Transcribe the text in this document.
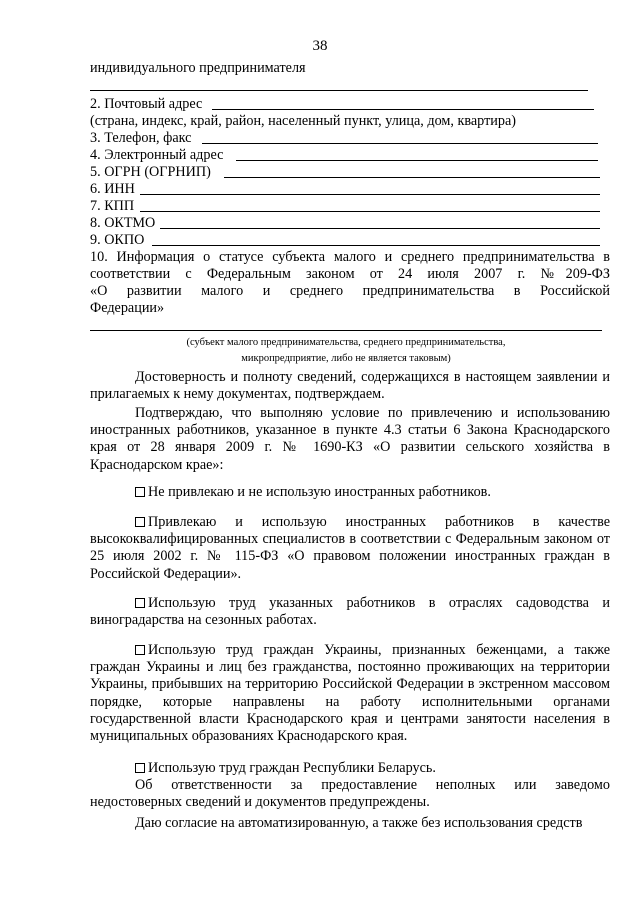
38
индивидуального предпринимателя
2. Почтовый адрес
(страна, индекс, край, район, населенный пункт, улица, дом, квартира)
3. Телефон, факс
4. Электронный адрес
5. ОГРН (ОГРНИП)
6. ИНН
7. КПП
8. ОКТМО
9. ОКПО
10. Информация о статусе субъекта малого и среднего предпринимательства в
соответствии с Федеральным законом от 24 июля 2007 г. №209-ФЗ
«О развитии малого и среднего предпринимательства в Российской
Федерации»
(субъект малого предпринимательства, среднего предпринимательства,
микропредприятие, либо не является таковым)
Достоверность и полноту сведений, содержащихся в настоящем заявлении и прилагаемых к нему документах, подтверждаем.
Подтверждаю, что выполняю условие по привлечению и использованию иностранных работников, указанное в пункте 4.3 статьи 6 Закона Краснодарского края от 28 января 2009 г. № 1690-КЗ «О развитии сельского хозяйства в Краснодарском крае»:
Не привлекаю и не использую иностранных работников.
Привлекаю и использую иностранных работников в качестве высококвалифицированных специалистов в соответствии с Федеральным законом от 25 июля 2002 г. № 115-ФЗ «О правовом положении иностранных граждан в Российской Федерации».
Использую труд указанных работников в отраслях садоводства и виноградарства на сезонных работах.
Использую труд граждан Украины, признанных беженцами, а также граждан Украины и лиц без гражданства, постоянно проживающих на территории Украины, прибывших на территорию Российской Федерации в экстренном массовом порядке, которые направлены на работу исполнительными органами государственной власти Краснодарского края и центрами занятости населения в муниципальных образованиях Краснодарского края.
Использую труд граждан Республики Беларусь.
Об ответственности за предоставление неполных или заведомо недостоверных сведений и документов предупреждены.
Даю согласие на автоматизированную, а также без использования средств
